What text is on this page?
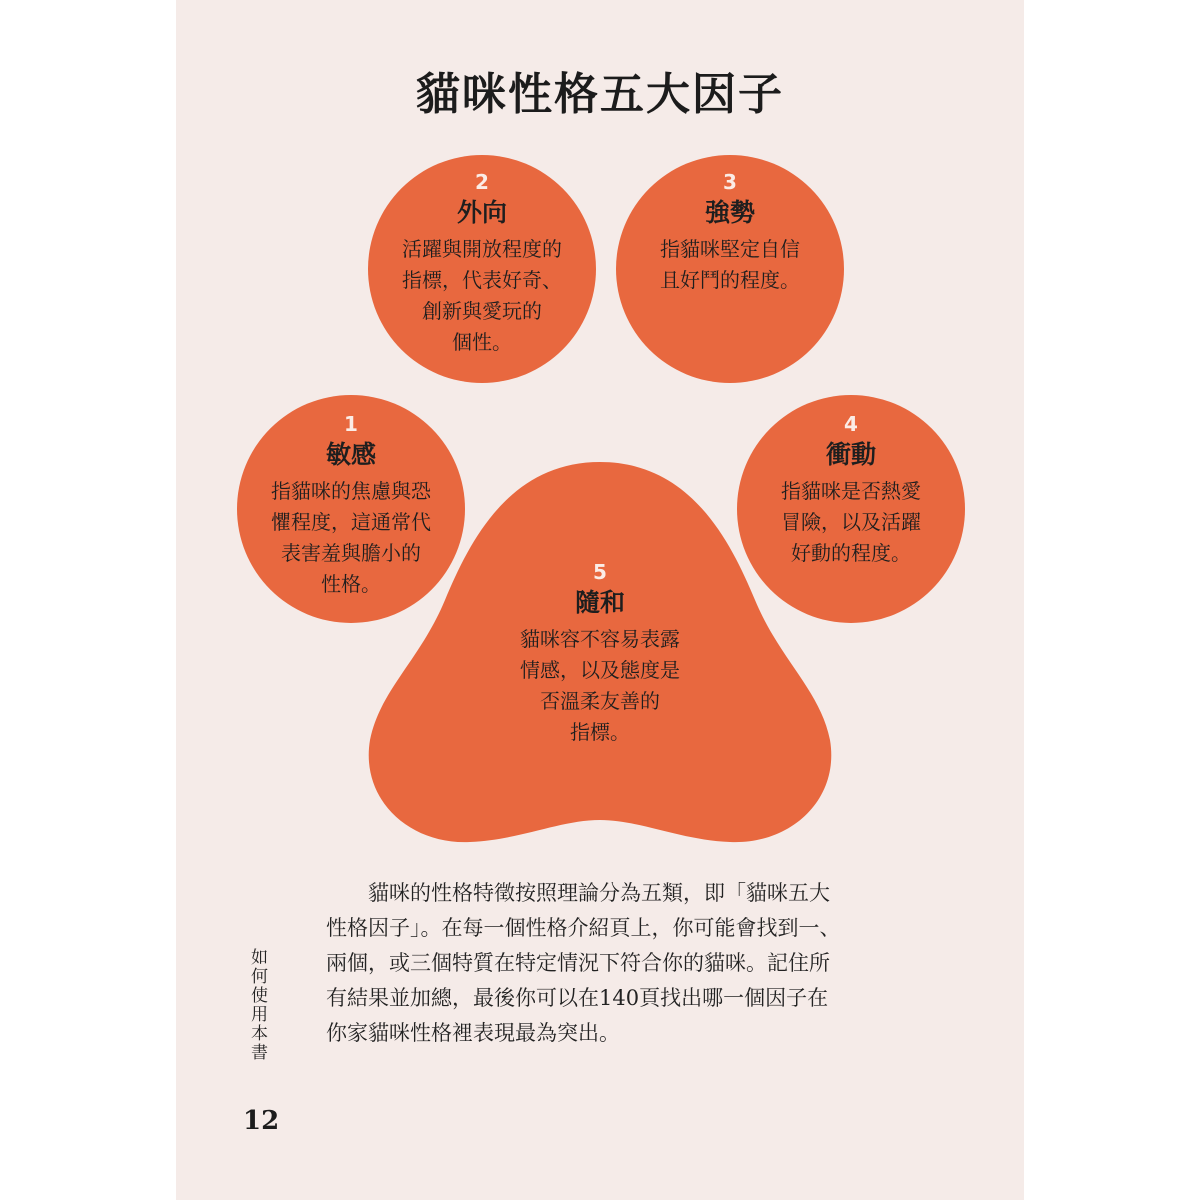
貓咪性格五大因子
2
外向
活躍與開放程度的
指標，代表好奇、
創新與愛玩的
個性。
3
強勢
指貓咪堅定自信
且好鬥的程度。
1
敏感
指貓咪的焦慮與恐
懼程度，這通常代
表害羞與膽小的
性格。
4
衝動
指貓咪是否熱愛
冒險，以及活躍
好動的程度。
5
隨和
貓咪容不容易表露
情感，以及態度是
否溫柔友善的
指標。
　　貓咪的性格特徵按照理論分為五類，即「貓咪五大
性格因子」。在每一個性格介紹頁上，你可能會找到一、
兩個，或三個特質在特定情況下符合你的貓咪。記住所
有結果並加總，最後你可以在140頁找出哪一個因子在
你家貓咪性格裡表現最為突出。
如何使用本書
12
